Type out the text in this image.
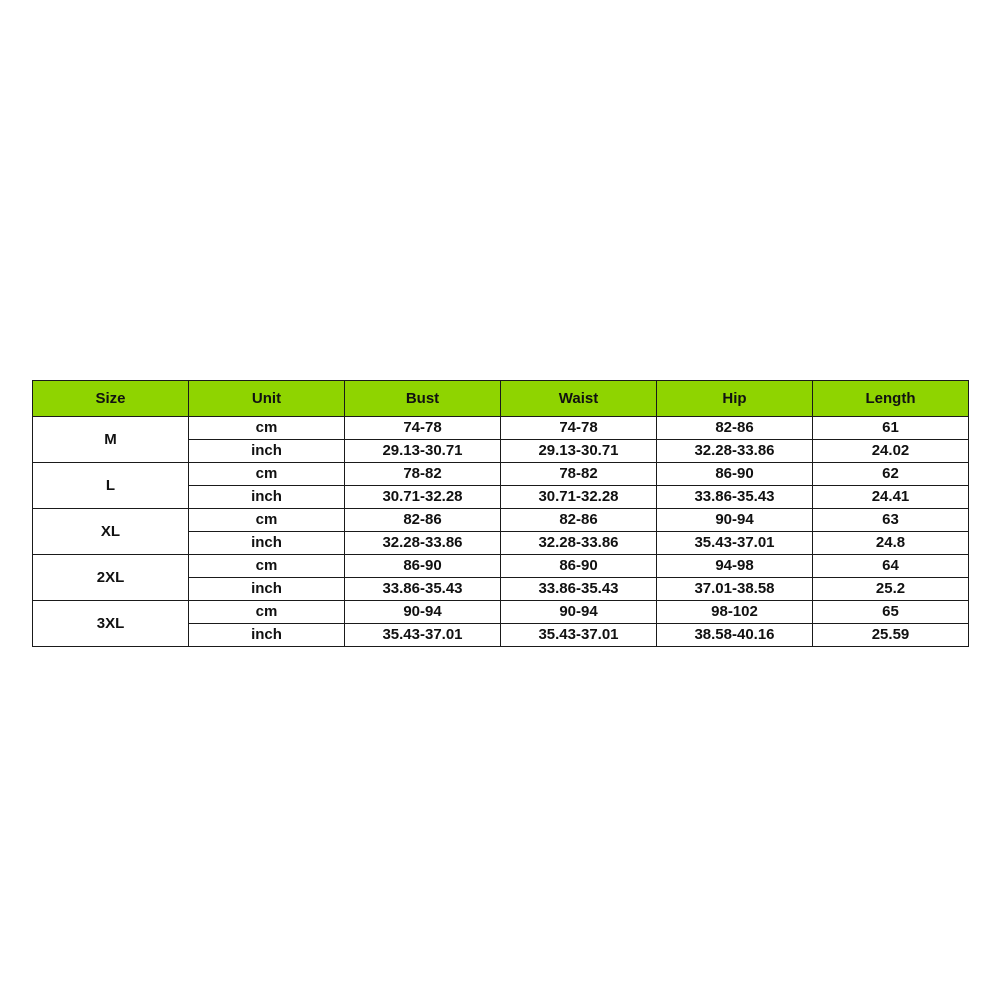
Size	Unit	Bust	Waist	Hip	Length
M	cm	74-78	74-78	82-86	61
	inch	29.13-30.71	29.13-30.71	32.28-33.86	24.02
L	cm	78-82	78-82	86-90	62
	inch	30.71-32.28	30.71-32.28	33.86-35.43	24.41
XL	cm	82-86	82-86	90-94	63
	inch	32.28-33.86	32.28-33.86	35.43-37.01	24.8
2XL	cm	86-90	86-90	94-98	64
	inch	33.86-35.43	33.86-35.43	37.01-38.58	25.2
3XL	cm	90-94	90-94	98-102	65
	inch	35.43-37.01	35.43-37.01	38.58-40.16	25.59
